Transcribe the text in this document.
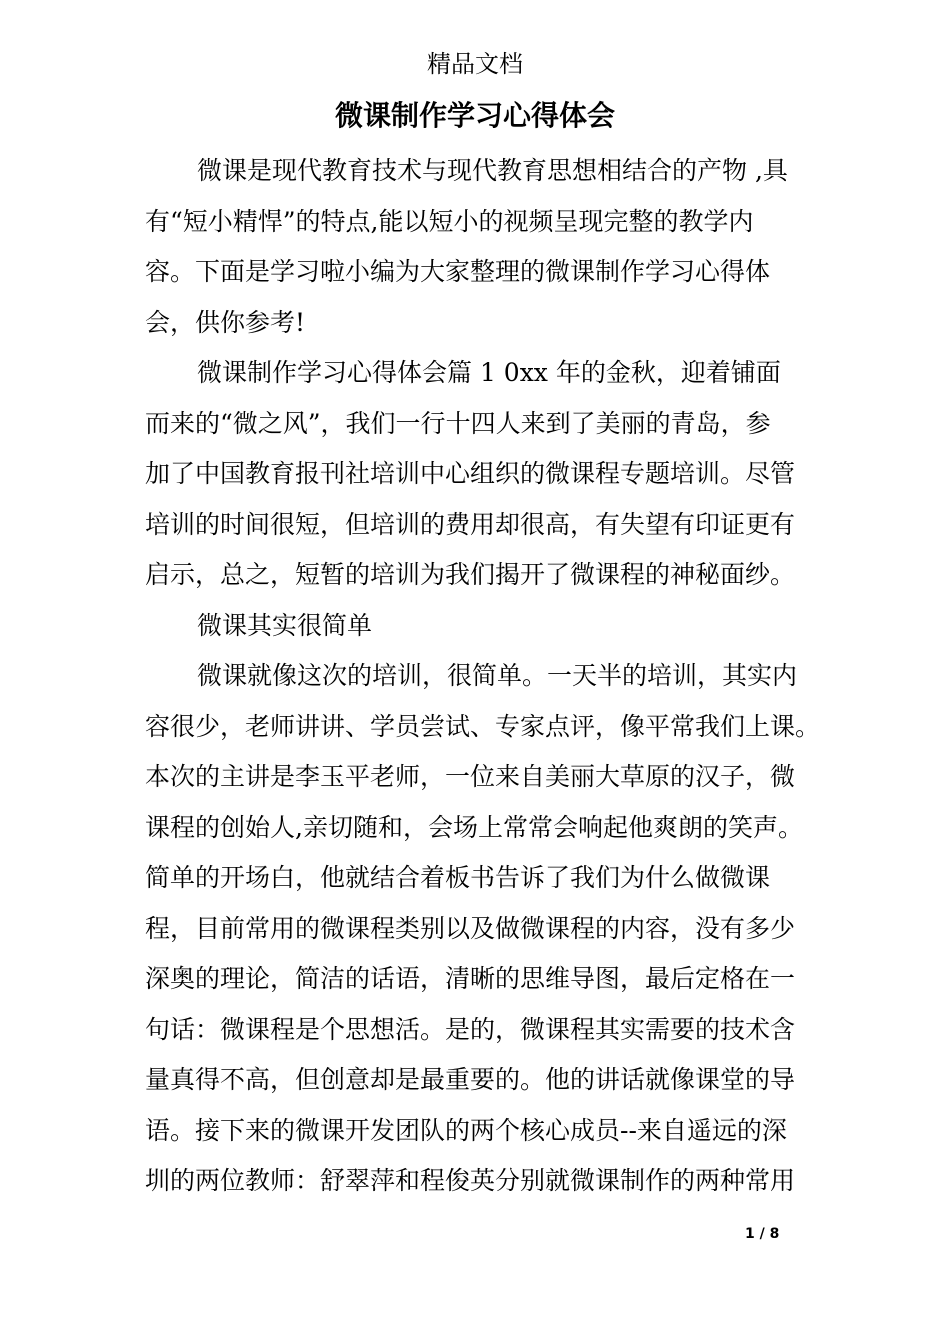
精品文档
微课制作学习心得体会
微课是现代教育技术与现代教育思想相结合的产物 ,具
有“短小精悍”的特点,能以短小的视频呈现完整的教学内
容。下面是学习啦小编为大家整理的微课制作学习心得体
会，供你参考!
微课制作学习心得体会篇 1 0xx 年的金秋，迎着铺面
而来的“微之风”，我们一行十四人来到了美丽的青岛，参
加了中国教育报刊社培训中心组织的微课程专题培训。尽管
培训的时间很短，但培训的费用却很高，有失望有印证更有
启示，总之，短暂的培训为我们揭开了微课程的神秘面纱。
微课其实很简单
微课就像这次的培训，很简单。一天半的培训，其实内
容很少，老师讲讲、学员尝试、专家点评，像平常我们上课。
本次的主讲是李玉平老师，一位来自美丽大草原的汉子，微
课程的创始人,亲切随和，会场上常常会响起他爽朗的笑声。
简单的开场白，他就结合着板书告诉了我们为什么做微课
程，目前常用的微课程类别以及做微课程的内容，没有多少
深奥的理论，简洁的话语，清晰的思维导图，最后定格在一
句话：微课程是个思想活。是的，微课程其实需要的技术含
量真得不高，但创意却是最重要的。他的讲话就像课堂的导
语。接下来的微课开发团队的两个核心成员--来自遥远的深
圳的两位教师：舒翠萍和程俊英分别就微课制作的两种常用
1 / 8
